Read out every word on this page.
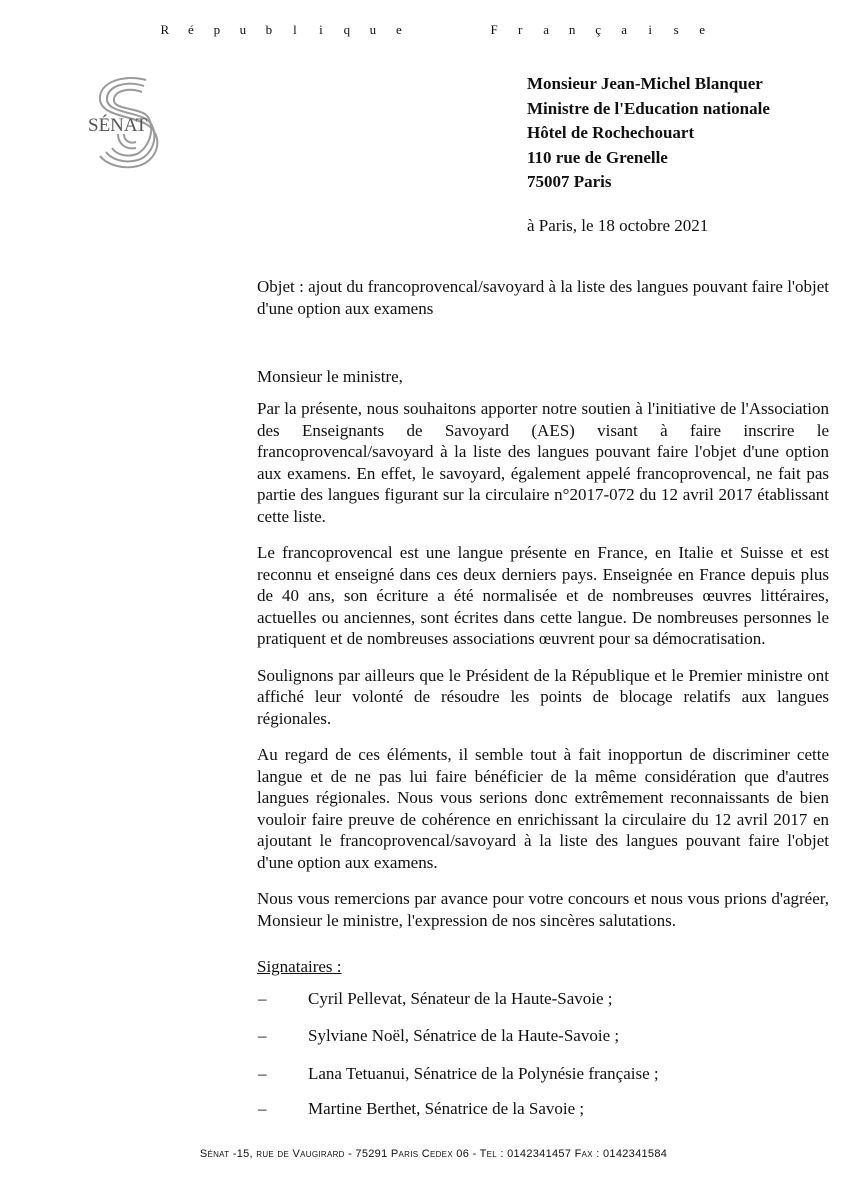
R é p u b l i q u e	F r a n ç a i s e
SÉNAT
Monsieur Jean-Michel Blanquer
Ministre de l'Education nationale
Hôtel de Rochechouart
110 rue de Grenelle
75007 Paris
à Paris, le 18 octobre 2021
Objet : ajout du francoprovencal/savoyard à la liste des langues pouvant faire l'objet d'une option aux examens
Monsieur le ministre,

Par la présente, nous souhaitons apporter notre soutien à l'initiative de l'Association des Enseignants de Savoyard (AES) visant à faire inscrire le francoprovencal/savoyard à la liste des langues pouvant faire l'objet d'une option aux examens. En effet, le savoyard, également appelé francoprovencal, ne fait pas partie des langues figurant sur la circulaire n°2017-072 du 12 avril 2017 établissant cette liste.

Le francoprovencal est une langue présente en France, en Italie et Suisse et est reconnu et enseigné dans ces deux derniers pays. Enseignée en France depuis plus de 40 ans, son écriture a été normalisée et de nombreuses œuvres littéraires, actuelles ou anciennes, sont écrites dans cette langue. De nombreuses personnes le pratiquent et de nombreuses associations œuvrent pour sa démocratisation.

Soulignons par ailleurs que le Président de la République et le Premier ministre ont affiché leur volonté de résoudre les points de blocage relatifs aux langues régionales.

Au regard de ces éléments, il semble tout à fait inopportun de discriminer cette langue et de ne pas lui faire bénéficier de la même considération que d'autres langues régionales. Nous vous serions donc extrêmement reconnaissants de bien vouloir faire preuve de cohérence en enrichissant la circulaire du 12 avril 2017 en ajoutant le francoprovencal/savoyard à la liste des langues pouvant faire l'objet d'une option aux examens.

Nous vous remercions par avance pour votre concours et nous vous prions d'agréer, Monsieur le ministre, l'expression de nos sincères salutations.

Signataires :
– Cyril Pellevat, Sénateur de la Haute-Savoie ;
– Sylviane Noël, Sénatrice de la Haute-Savoie ;
– Lana Tetuanui, Sénatrice de la Polynésie française ;
– Martine Berthet, Sénatrice de la Savoie ;
Sénat -15, rue de Vaugirard - 75291 Paris Cedex 06 - Tel : 0142341457 Fax : 0142341584
